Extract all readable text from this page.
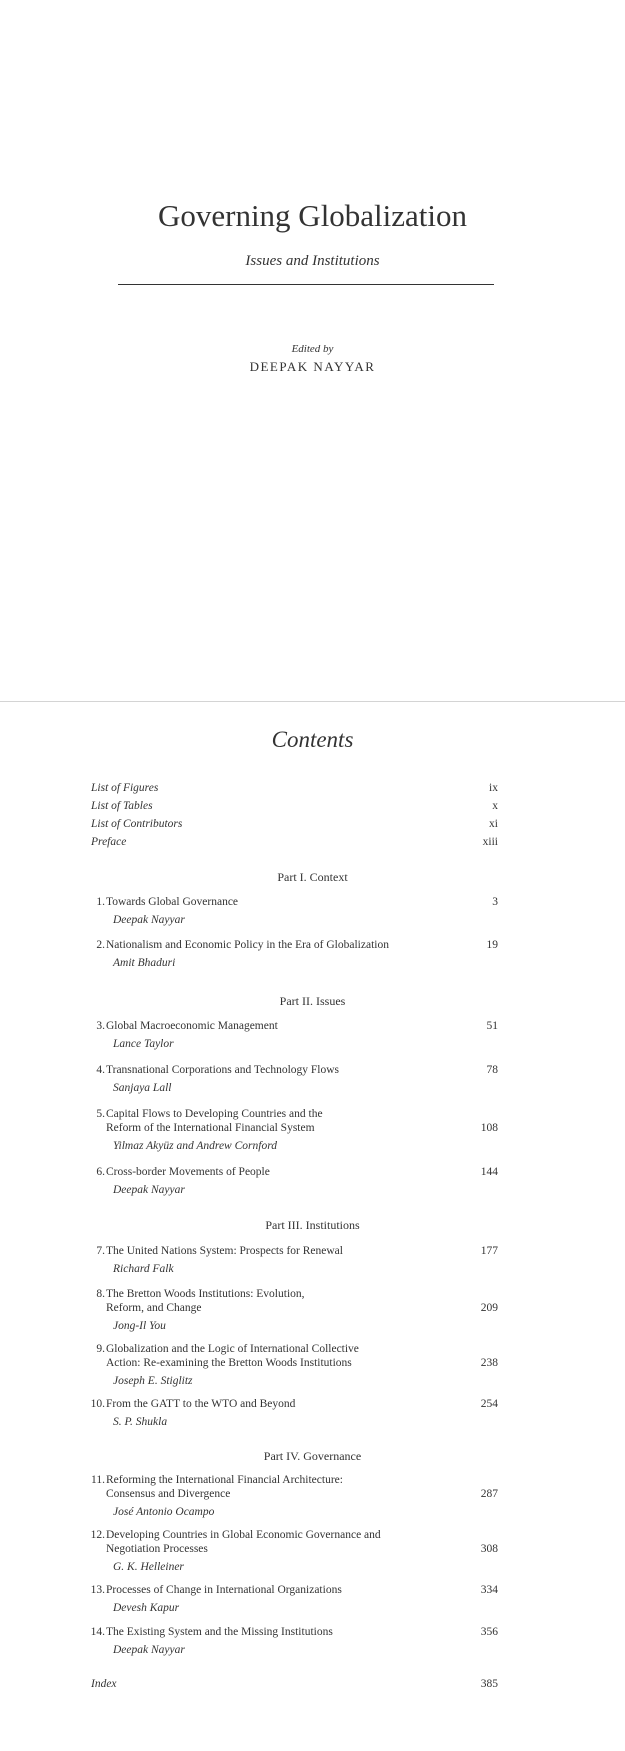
Governing Globalization
Issues and Institutions
Edited by
DEEPAK NAYYAR
Contents
List of Figures	ix
List of Tables	x
List of Contributors	xi
Preface	xiii
Part I. Context
1. Towards Global Governance	3
Deepak Nayyar
2. Nationalism and Economic Policy in the Era of Globalization	19
Amit Bhaduri
Part II. Issues
3. Global Macroeconomic Management	51
Lance Taylor
4. Transnational Corporations and Technology Flows	78
Sanjaya Lall
5. Capital Flows to Developing Countries and the
Reform of the International Financial System	108
Yilmaz Akyüz and Andrew Cornford
6. Cross-border Movements of People	144
Deepak Nayyar
Part III. Institutions
7. The United Nations System: Prospects for Renewal	177
Richard Falk
8. The Bretton Woods Institutions: Evolution,
Reform, and Change	209
Jong-Il You
9. Globalization and the Logic of International Collective
Action: Re-examining the Bretton Woods Institutions	238
Joseph E. Stiglitz
10. From the GATT to the WTO and Beyond	254
S. P. Shukla
Part IV. Governance
11. Reforming the International Financial Architecture:
Consensus and Divergence	287
José Antonio Ocampo
12. Developing Countries in Global Economic Governance and
Negotiation Processes	308
G. K. Helleiner
13. Processes of Change in International Organizations	334
Devesh Kapur
14. The Existing System and the Missing Institutions	356
Deepak Nayyar
Index	385
